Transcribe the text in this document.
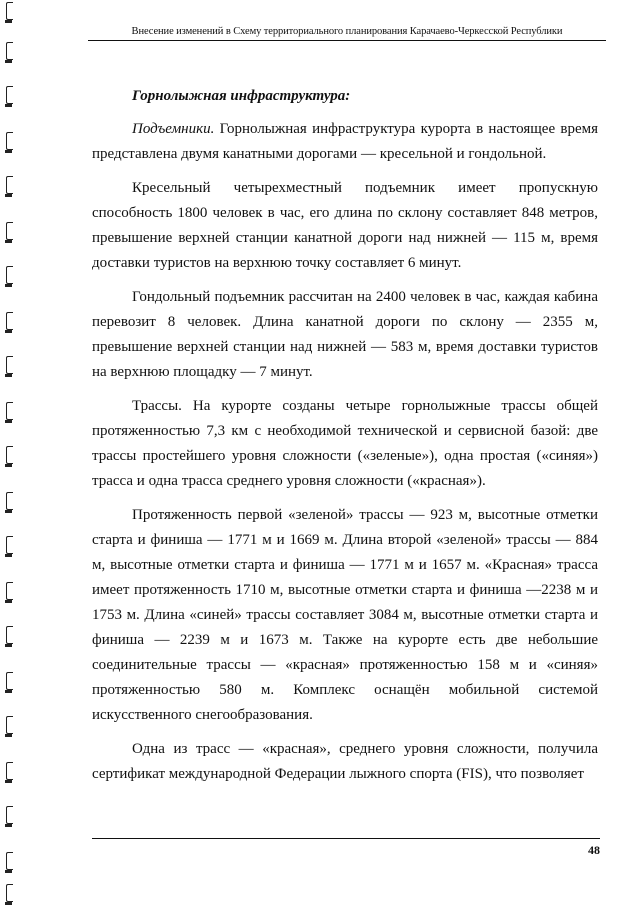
Внесение изменений в Схему территориального планирования Карачаево-Черкесской Республики

Горнолыжная инфраструктура:

Подъемники. Горнолыжная инфраструктура курорта в настоящее время представлена двумя канатными дорогами — кресельной и гондольной.

Кресельный четырехместный подъемник имеет пропускную способность 1800 человек в час, его длина по склону составляет 848 метров, превышение верхней станции канатной дороги над нижней — 115 м, время доставки туристов на верхнюю точку составляет 6 минут.

Гондольный подъемник рассчитан на 2400 человек в час, каждая кабина перевозит 8 человек. Длина канатной дороги по склону — 2355 м, превышение верхней станции над нижней — 583 м, время доставки туристов на верхнюю площадку — 7 минут.

Трассы. На курорте созданы четыре горнолыжные трассы общей протяженностью 7,3 км с необходимой технической и сервисной базой: две трассы простейшего уровня сложности («зеленые»), одна простая («синяя») трасса и одна трасса среднего уровня сложности («красная»).

Протяженность первой «зеленой» трассы — 923 м, высотные отметки старта и финиша — 1771 м и 1669 м. Длина второй «зеленой» трассы — 884 м, высотные отметки старта и финиша — 1771 м и 1657 м. «Красная» трасса имеет протяженность 1710 м, высотные отметки старта и финиша —2238 м и 1753 м. Длина «синей» трассы составляет 3084 м, высотные отметки старта и финиша — 2239 м и 1673 м. Также на курорте есть две небольшие соединительные трассы — «красная» протяженностью 158 м и «синяя» протяженностью 580 м. Комплекс оснащён мобильной системой искусственного снегообразования.

Одна из трасс — «красная», среднего уровня сложности, получила сертификат международной Федерации лыжного спорта (FIS), что позволяет

48
